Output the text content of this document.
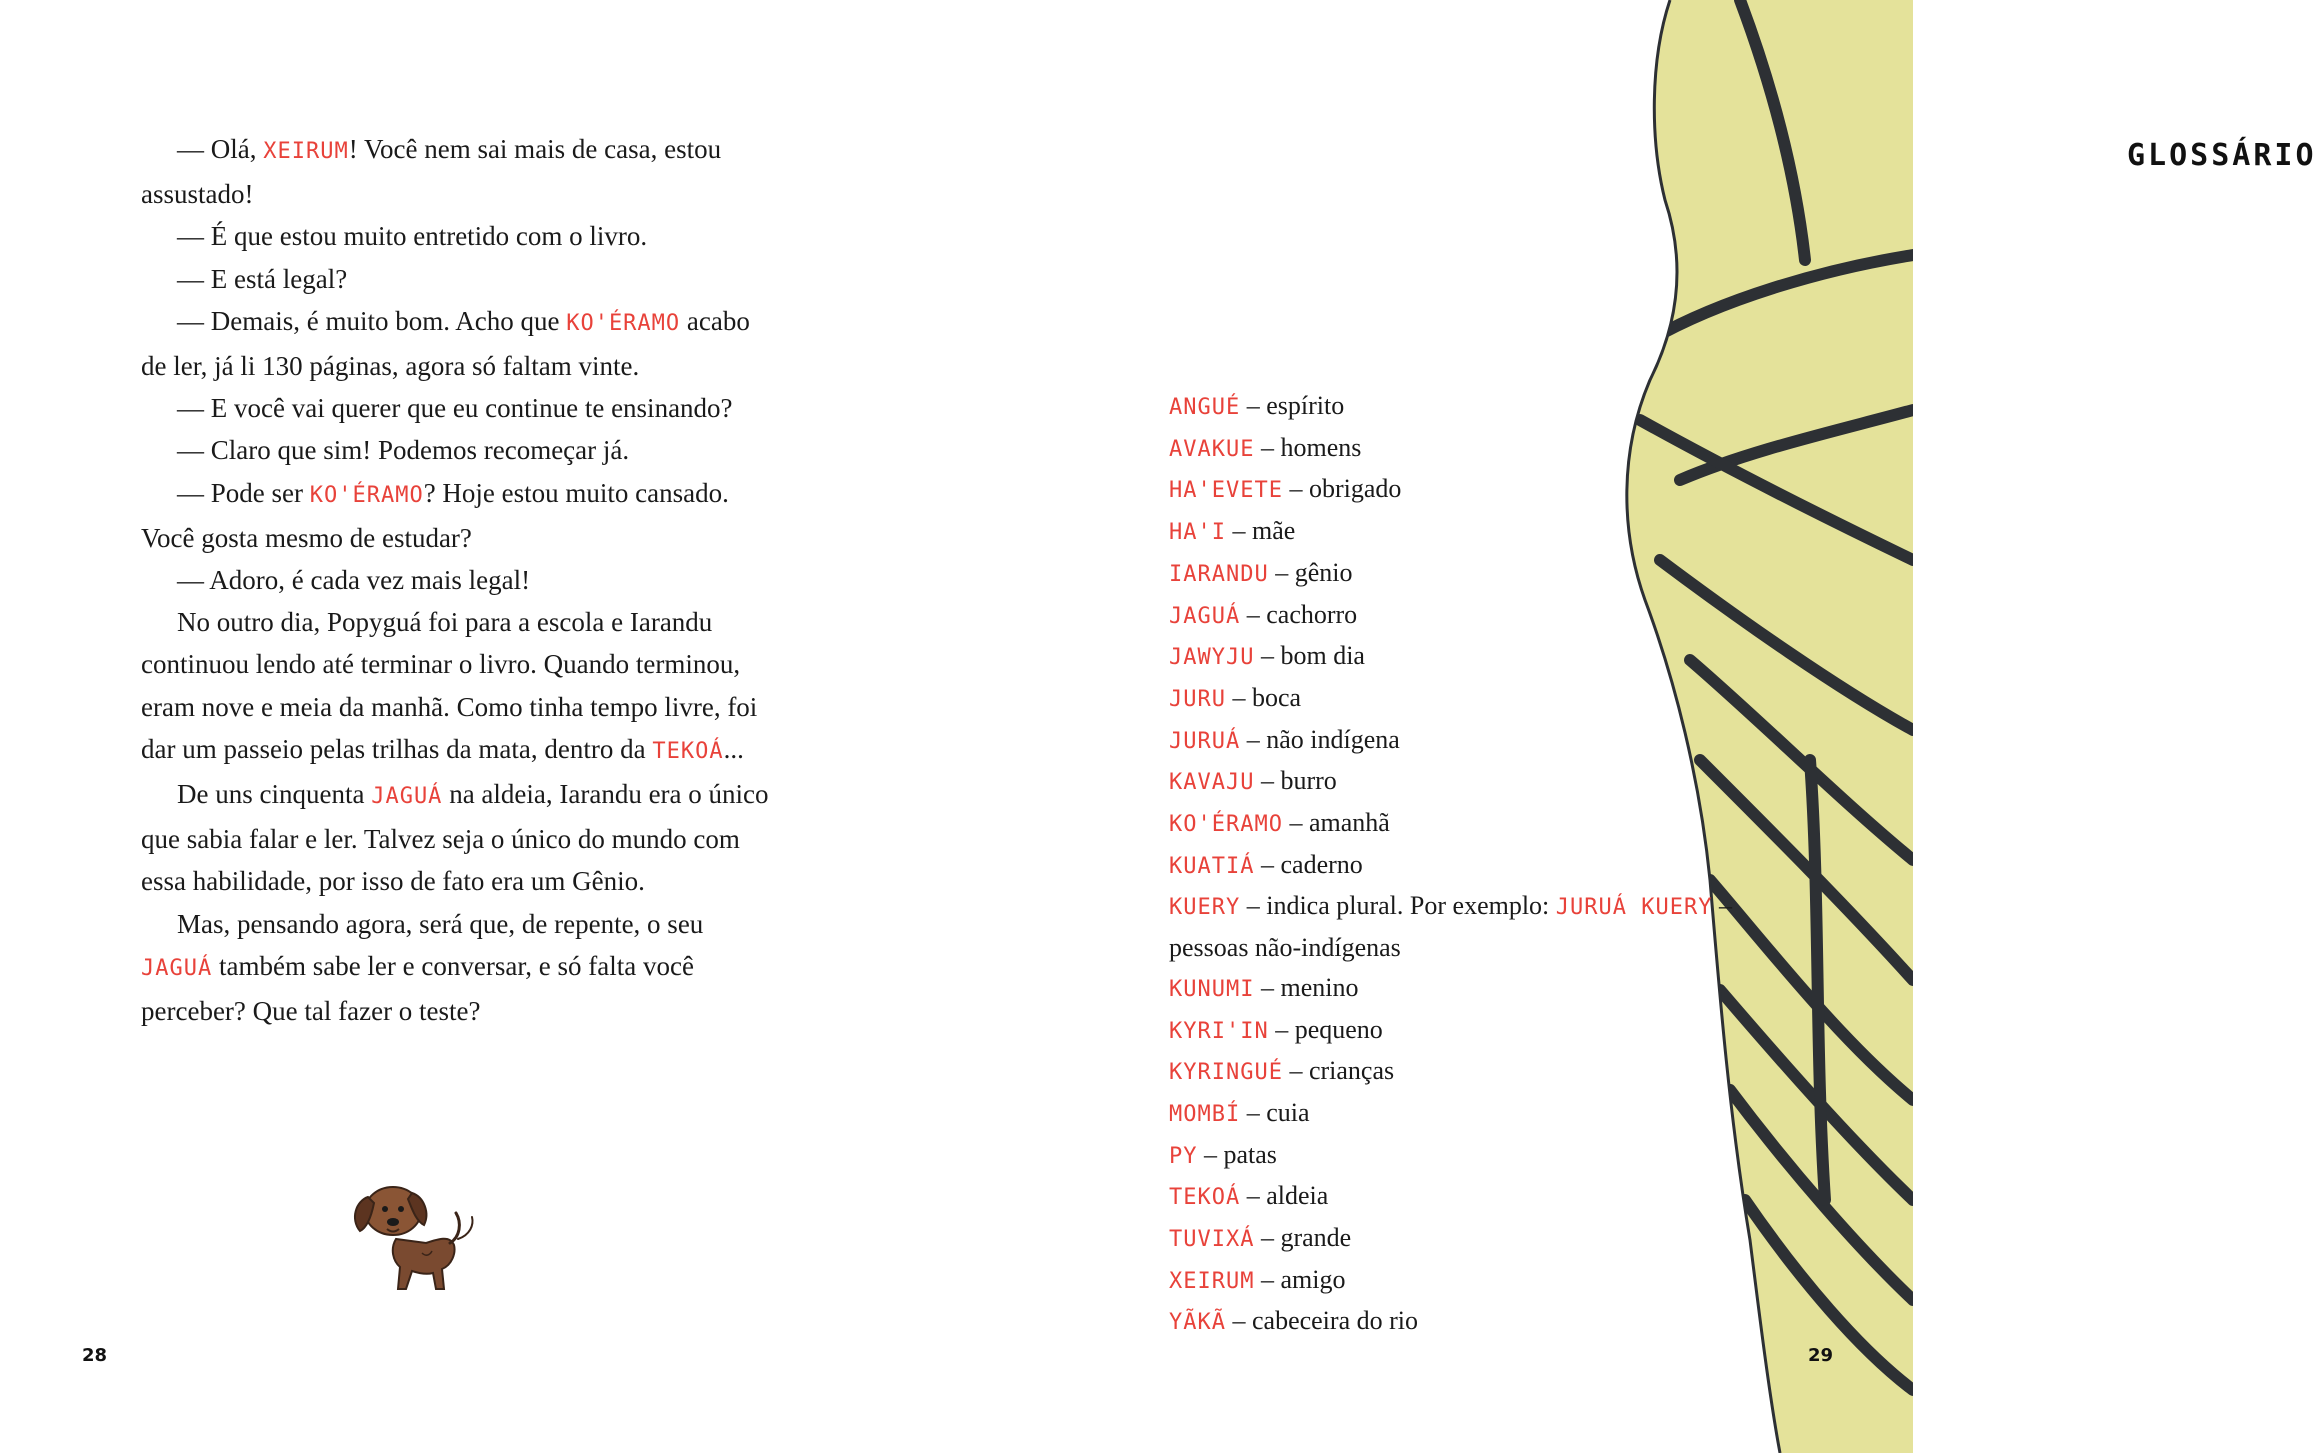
— Olá, XEIRUM! Você nem sai mais de casa, estou assustado!

— É que estou muito entretido com o livro.

— E está legal?

— Demais, é muito bom. Acho que KO'ÉRAMO acabo de ler, já li 130 páginas, agora só faltam vinte.

— E você vai querer que eu continue te ensinando?

— Claro que sim! Podemos recomeçar já.

— Pode ser KO'ÉRAMO? Hoje estou muito cansado. Você gosta mesmo de estudar?

— Adoro, é cada vez mais legal!

No outro dia, Popyguá foi para a escola e Iarandu continuou lendo até terminar o livro. Quando terminou, eram nove e meia da manhã. Como tinha tempo livre, foi dar um passeio pelas trilhas da mata, dentro da TEKOÁ...

De uns cinquenta JAGUÁ na aldeia, Iarandu era o único que sabia falar e ler. Talvez seja o único do mundo com essa habilidade, por isso de fato era um Gênio.

Mas, pensando agora, será que, de repente, o seu JAGUÁ também sabe ler e conversar, e só falta você perceber? Que tal fazer o teste?

28
GLOSSÁRIO

ANGUÉ – espírito

AVAKUE – homens

HA'EVETE – obrigado

HA'I – mãe

IARANDU – gênio

JAGUÁ – cachorro

JAWYJU – bom dia

JURU – boca

JURUÁ – não indígena

KAVAJU – burro

KO'ÉRAMO – amanhã

KUATIÁ – caderno

KUERY – indica plural. Por exemplo: JURUÁ KUERY – pessoas não-indígenas

KUNUMI – menino

KYRI'IN – pequeno

KYRINGUÉ – crianças

MOMBÍ – cuia

PY – patas

TEKOÁ – aldeia

TUVIXÁ – grande

XEIRUM – amigo

YÃKÃ – cabeceira do rio

29
